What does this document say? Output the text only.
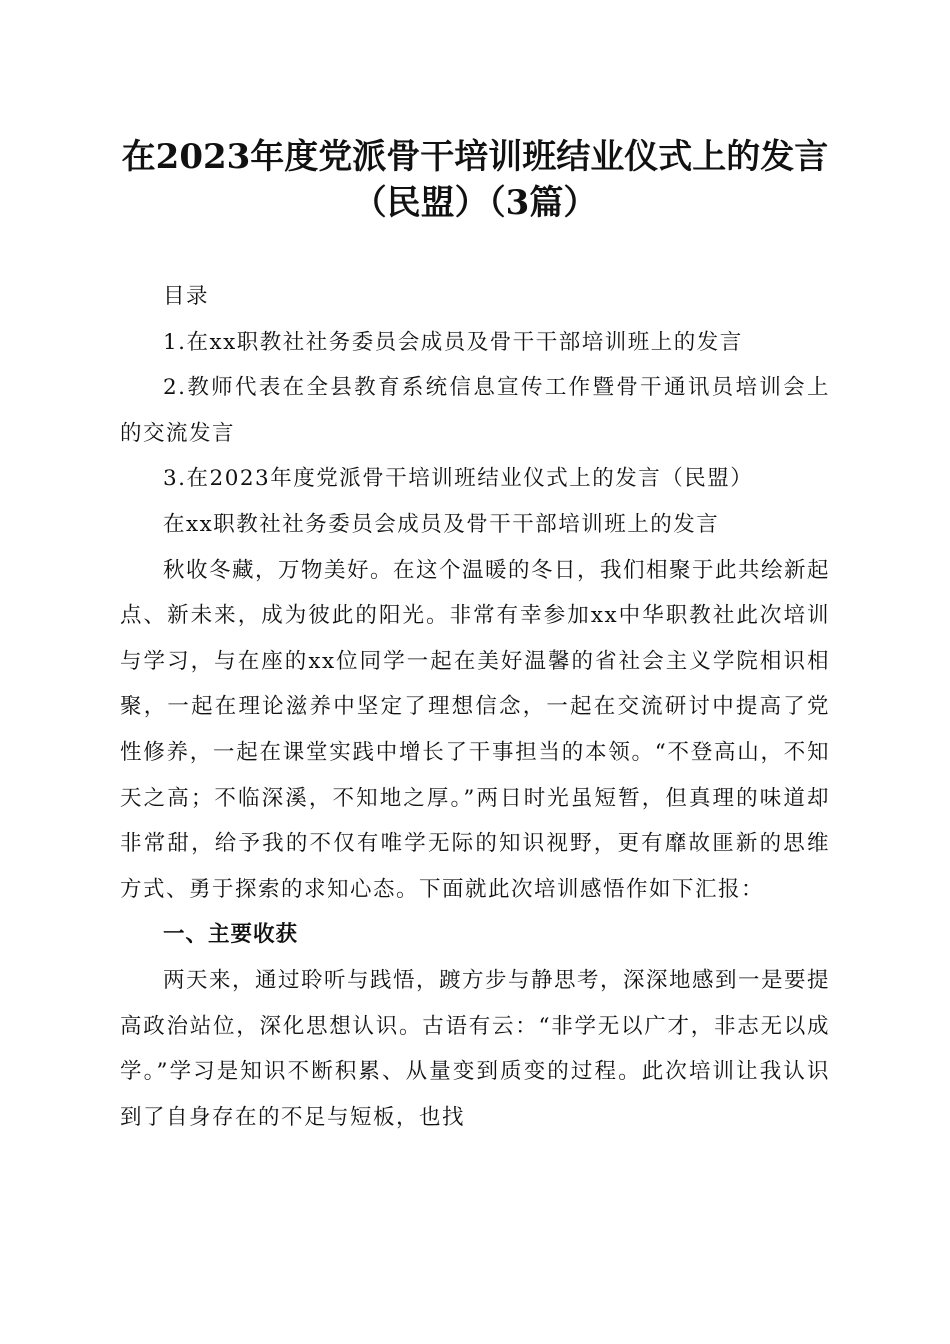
在2023年度党派骨干培训班结业仪式上的发言（民盟）（3篇）

目录

1.在xx职教社社务委员会成员及骨干干部培训班上的发言

2.教师代表在全县教育系统信息宣传工作暨骨干通讯员培训会上的交流发言

3.在2023年度党派骨干培训班结业仪式上的发言（民盟）

在xx职教社社务委员会成员及骨干干部培训班上的发言

秋收冬藏，万物美好。在这个温暖的冬日，我们相聚于此共绘新起点、新未来，成为彼此的阳光。非常有幸参加xx中华职教社此次培训与学习，与在座的xx位同学一起在美好温馨的省社会主义学院相识相聚，一起在理论滋养中坚定了理想信念，一起在交流研讨中提高了党性修养，一起在课堂实践中增长了干事担当的本领。“不登高山，不知天之高；不临深溪，不知地之厚。”两日时光虽短暂，但真理的味道却非常甜，给予我的不仅有唯学无际的知识视野，更有靡故匪新的思维方式、勇于探索的求知心态。下面就此次培训感悟作如下汇报：

一、主要收获

两天来，通过聆听与践悟，踱方步与静思考，深深地感到一是要提高政治站位，深化思想认识。古语有云：“非学无以广才，非志无以成学。”学习是知识不断积累、从量变到质变的过程。此次培训让我认识到了自身存在的不足与短板，也找
